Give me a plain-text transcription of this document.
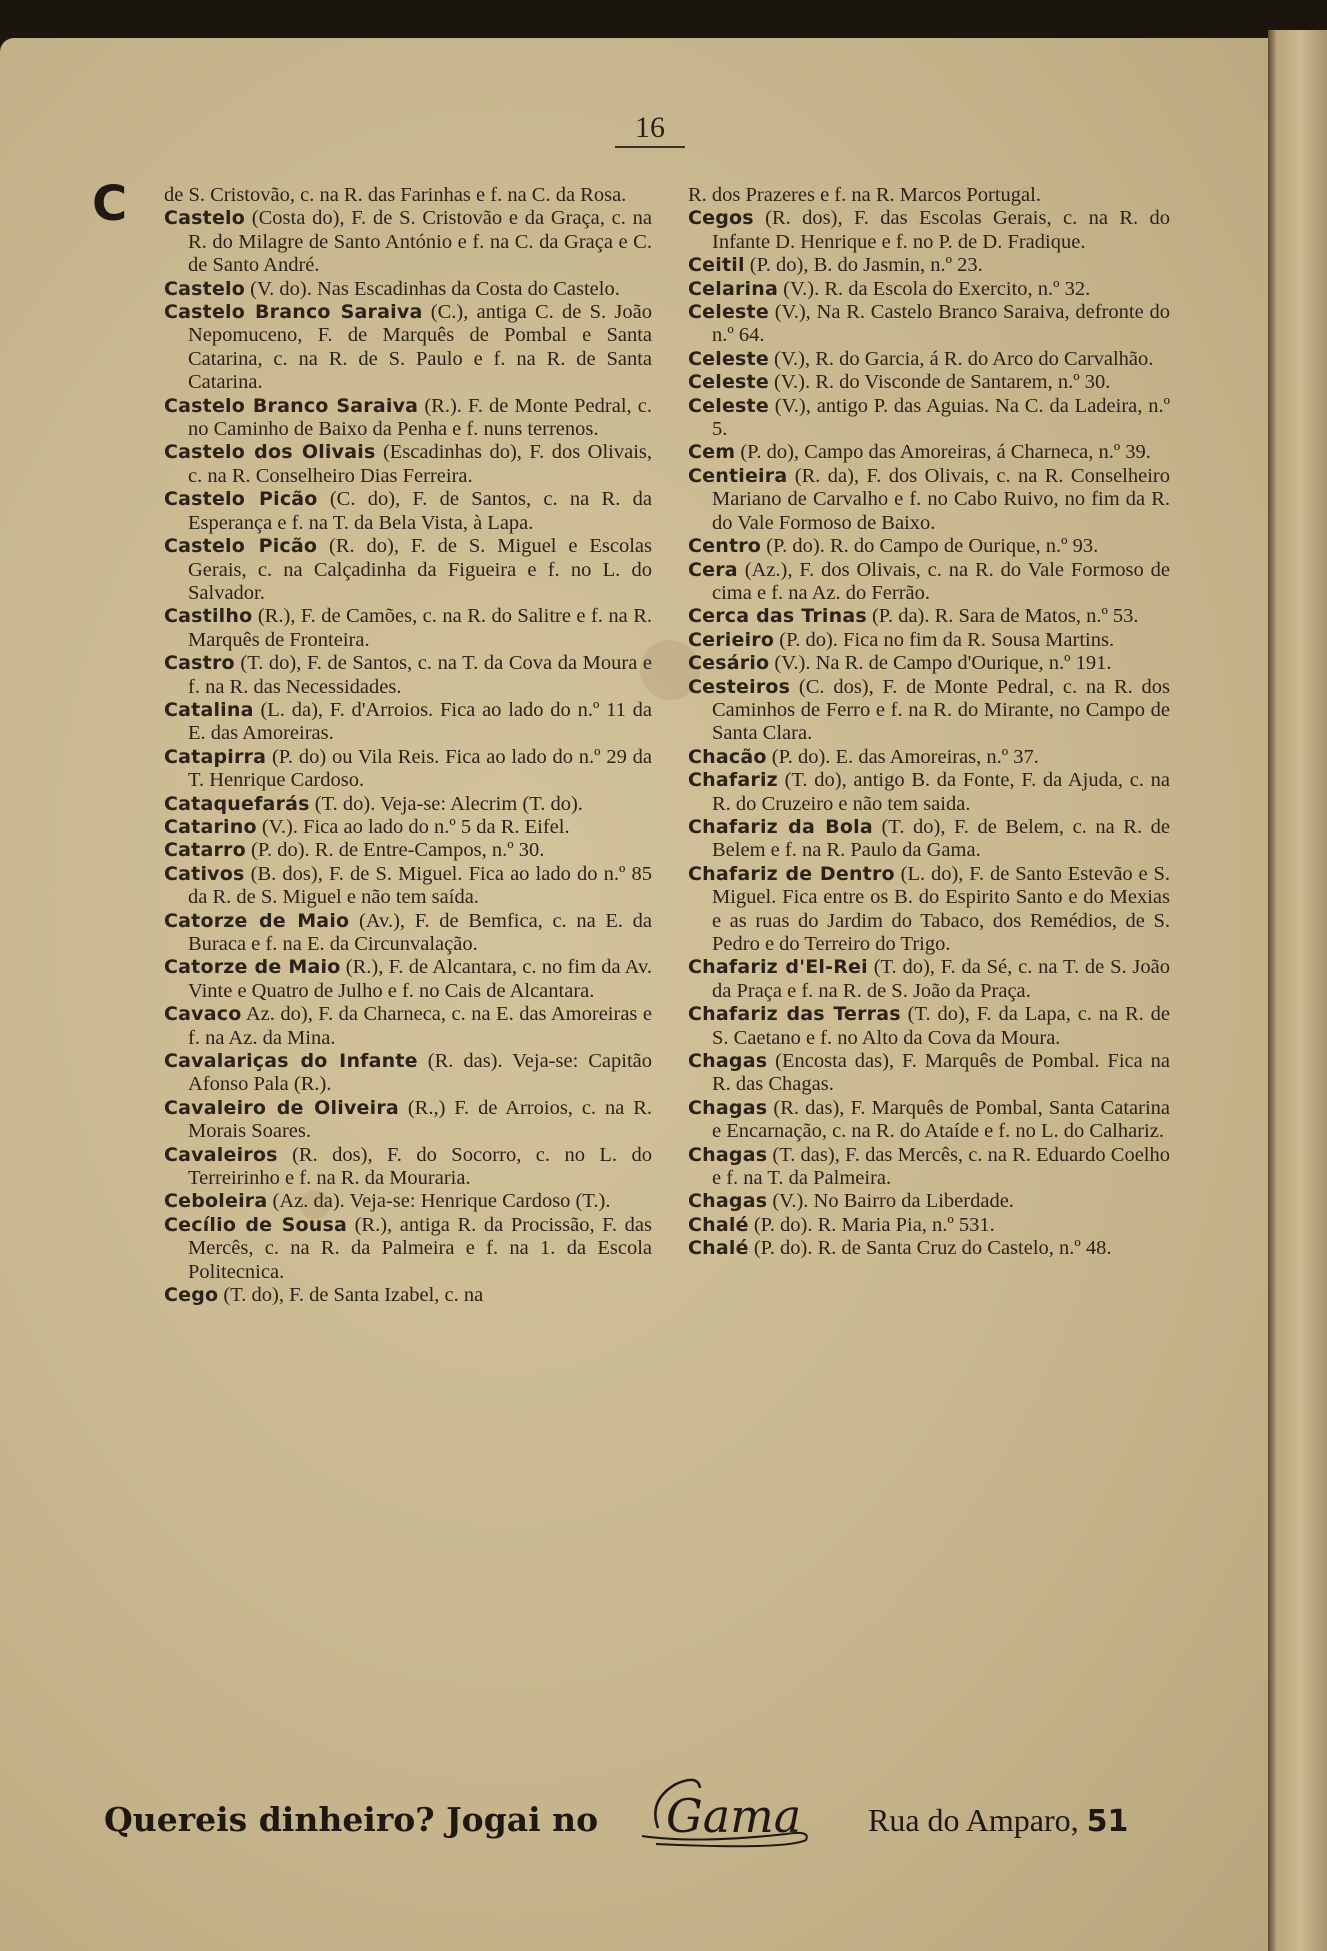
16
C de S. Cristovão, c. na R. das Farinhas e f. na C. da Rosa.

Castelo (Costa do), F. de S. Cristovão e da Graça, c. na R. do Milagre de Santo António e f. na C. da Graça e C. de Santo André.

Castelo (V. do). Nas Escadinhas da Costa do Castelo.

Castelo Branco Saraiva (C.), antiga C. de S. João Nepomuceno, F. de Marquês de Pombal e Santa Catarina, c. na R. de S. Paulo e f. na R. de Santa Catarina.

Castelo Branco Saraiva (R.). F. de Monte Pedral, c. no Caminho de Baixo da Penha e f. nuns terrenos.

Castelo dos Olivais (Escadinhas do), F. dos Olivais, c. na R. Conselheiro Dias Ferreira.

Castelo Picão (C. do), F. de Santos, c. na R. da Esperança e f. na T. da Bela Vista, à Lapa.

Castelo Picão (R. do), F. de S. Miguel e Escolas Gerais, c. na Calçadinha da Figueira e f. no L. do Salvador.

Castilho (R.), F. de Camões, c. na R. do Salitre e f. na R. Marquês de Fronteira.

Castro (T. do), F. de Santos, c. na T. da Cova da Moura e f. na R. das Necessidades.

Catalina (L. da), F. d'Arroios. Fica ao lado do n.º 11 da E. das Amoreiras.

Catapirra (P. do) ou Vila Reis. Fica ao lado do n.º 29 da T. Henrique Cardoso.

Cataquefarás (T. do). Veja-se: Alecrim (T. do).

Catarino (V.). Fica ao lado do n.º 5 da R. Eifel.

Catarro (P. do). R. de Entre-Campos, n.º 30.

Cativos (B. dos), F. de S. Miguel. Fica ao lado do n.º 85 da R. de S. Miguel e não tem saída.

Catorze de Maio (Av.), F. de Bemfica, c. na E. da Buraca e f. na E. da Circunvalação.

Catorze de Maio (R.), F. de Alcantara, c. no fim da Av. Vinte e Quatro de Julho e f. no Cais de Alcantara.

Cavaco Az. do), F. da Charneca, c. na E. das Amoreiras e f. na Az. da Mina.

Cavalariças do Infante (R. das). Veja-se: Capitão Afonso Pala (R.).

Cavaleiro de Oliveira (R.,) F. de Arroios, c. na R. Morais Soares.

Cavaleiros (R. dos), F. do Socorro, c. no L. do Terreirinho e f. na R. da Mouraria.

Ceboleira (Az. da). Veja-se: Henrique Cardoso (T.).

Cecílio de Sousa (R.), antiga R. da Procissão, F. das Mercês, c. na R. da Palmeira e f. na 1. da Escola Politecnica.

Cego (T. do), F. de Santa Izabel, c. na

R. dos Prazeres e f. na R. Marcos Portugal.

Cegos (R. dos), F. das Escolas Gerais, c. na R. do Infante D. Henrique e f. no P. de D. Fradique.

Ceitil (P. do), B. do Jasmin, n.º 23.

Celarina (V.). R. da Escola do Exercito, n.º 32.

Celeste (V.), Na R. Castelo Branco Saraiva, defronte do n.º 64.

Celeste (V.), R. do Garcia, á R. do Arco do Carvalhão.

Celeste (V.). R. do Visconde de Santarem, n.º 30.

Celeste (V.), antigo P. das Aguias. Na C. da Ladeira, n.º 5.

Cem (P. do), Campo das Amoreiras, á Charneca, n.º 39.

Centieira (R. da), F. dos Olivais, c. na R. Conselheiro Mariano de Carvalho e f. no Cabo Ruivo, no fim da R. do Vale Formoso de Baixo.

Centro (P. do). R. do Campo de Ourique, n.º 93.

Cera (Az.), F. dos Olivais, c. na R. do Vale Formoso de cima e f. na Az. do Ferrão.

Cerca das Trinas (P. da). R. Sara de Matos, n.º 53.

Cerieiro (P. do). Fica no fim da R. Sousa Martins.

Cesário (V.). Na R. de Campo d'Ourique, n.º 191.

Cesteiros (C. dos), F. de Monte Pedral, c. na R. dos Caminhos de Ferro e f. na R. do Mirante, no Campo de Santa Clara.

Chacão (P. do). E. das Amoreiras, n.º 37.

Chafariz (T. do), antigo B. da Fonte, F. da Ajuda, c. na R. do Cruzeiro e não tem saida.

Chafariz da Bola (T. do), F. de Belem, c. na R. de Belem e f. na R. Paulo da Gama.

Chafariz de Dentro (L. do), F. de Santo Estevão e S. Miguel. Fica entre os B. do Espirito Santo e do Mexias e as ruas do Jardim do Tabaco, dos Remédios, de S. Pedro e do Terreiro do Trigo.

Chafariz d'El-Rei (T. do), F. da Sé, c. na T. de S. João da Praça e f. na R. de S. João da Praça.

Chafariz das Terras (T. do), F. da Lapa, c. na R. de S. Caetano e f. no Alto da Cova da Moura.

Chagas (Encosta das), F. Marquês de Pombal. Fica na R. das Chagas.

Chagas (R. das), F. Marquês de Pombal, Santa Catarina e Encarnação, c. na R. do Ataíde e f. no L. do Calhariz.

Chagas (T. das), F. das Mercês, c. na R. Eduardo Coelho e f. na T. da Palmeira.

Chagas (V.). No Bairro da Liberdade.

Chalé (P. do). R. Maria Pia, n.º 531.

Chalé (P. do). R. de Santa Cruz do Castelo, n.º 48.

Quereis dinheiro? Jogai no Gama Rua do Amparo, 51
